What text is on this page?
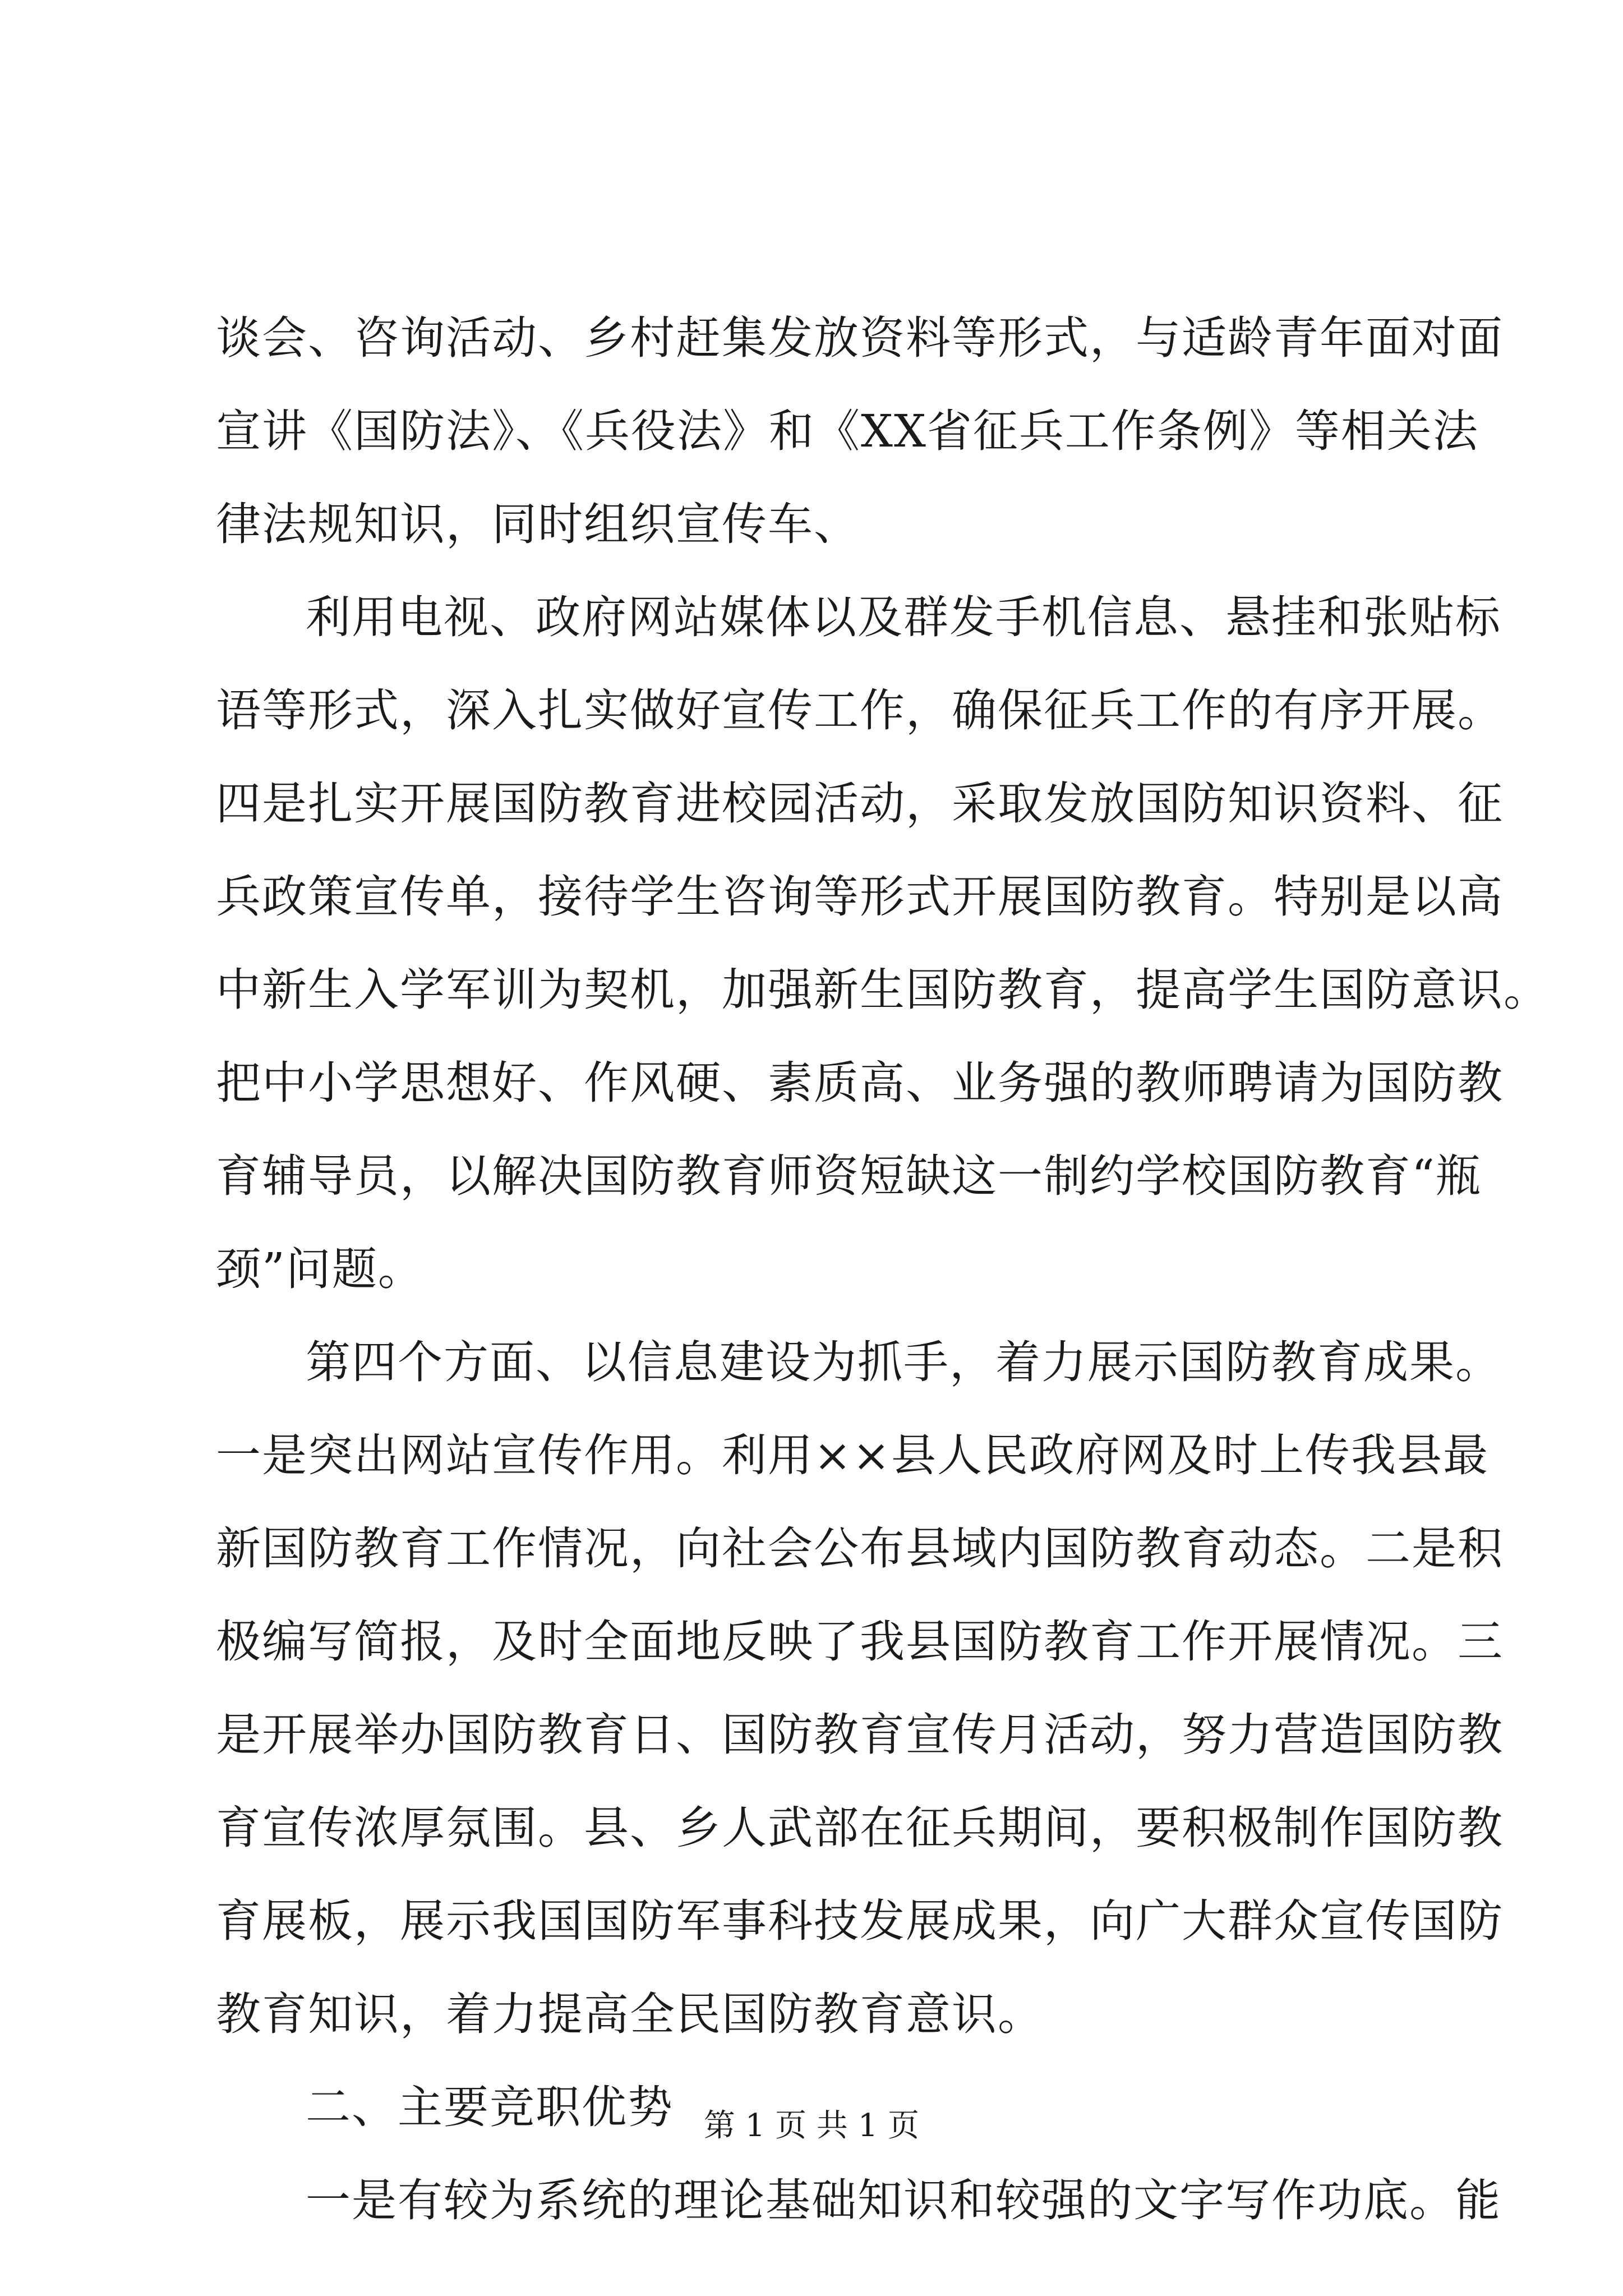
谈会、咨询活动、乡村赶集发放资料等形式，与适龄青年面对面
宣讲《国防法》、《兵役法》和《XX省征兵工作条例》等相关法
律法规知识，同时组织宣传车、
利用电视、政府网站媒体以及群发手机信息、悬挂和张贴标
语等形式，深入扎实做好宣传工作，确保征兵工作的有序开展。
四是扎实开展国防教育进校园活动，采取发放国防知识资料、征
兵政策宣传单，接待学生咨询等形式开展国防教育。特别是以高
中新生入学军训为契机，加强新生国防教育，提高学生国防意识。
把中小学思想好、作风硬、素质高、业务强的教师聘请为国防教
育辅导员，以解决国防教育师资短缺这一制约学校国防教育“瓶
颈”问题。
第四个方面、以信息建设为抓手，着力展示国防教育成果。
一是突出网站宣传作用。利用××县人民政府网及时上传我县最
新国防教育工作情况，向社会公布县域内国防教育动态。二是积
极编写简报，及时全面地反映了我县国防教育工作开展情况。三
是开展举办国防教育日、国防教育宣传月活动，努力营造国防教
育宣传浓厚氛围。县、乡人武部在征兵期间，要积极制作国防教
育展板，展示我国国防军事科技发展成果，向广大群众宣传国防
教育知识，着力提高全民国防教育意识。
二、主要竞职优势
一是有较为系统的理论基础知识和较强的文字写作功底。能
第 1 页 共 1 页
